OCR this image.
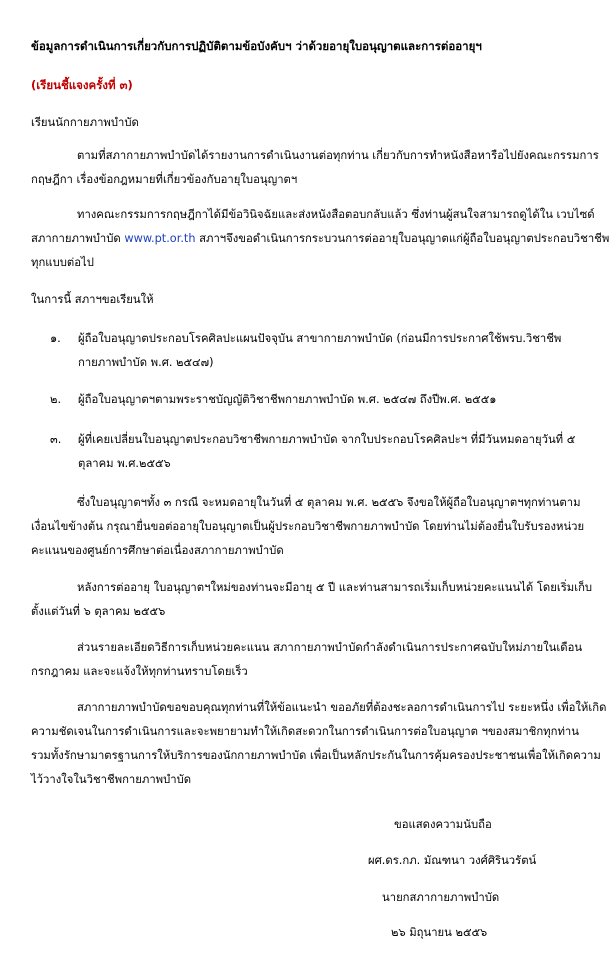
ข้อมูลการดำเนินการเกี่ยวกับการปฏิบัติตามข้อบังคับฯ ว่าด้วยอายุใบอนุญาตและการต่ออายุฯ
(เรียนชี้แจงครั้งที่ ๓)
เรียนนักกายภาพบำบัด
ตามที่สภากายภาพบำบัดได้รายงานการดำเนินงานต่อทุกท่าน เกี่ยวกับการทำหนังสือหารือไปยังคณะกรรมการ
กฤษฎีกา เรื่องข้อกฎหมายที่เกี่ยวข้องกับอายุใบอนุญาตฯ
ทางคณะกรรมการกฤษฎีกาได้มีข้อวินิจฉัยและส่งหนังสือตอบกลับแล้ว ซึ่งท่านผู้สนใจสามารถดูได้ใน เวบไซด์
สภากายภาพบำบัด www.pt.or.th สภาฯจึงขอดำเนินการกระบวนการต่ออายุใบอนุญาตแก่ผู้ถือใบอนุญาตประกอบวิชาชีพ
ทุกแบบต่อไป
ในการนี้ สภาฯขอเรียนให้
๑. ผู้ถือใบอนุญาตประกอบโรคศิลปะแผนปัจจุบัน สาขากายภาพบำบัด (ก่อนมีการประกาศใช้พรบ.วิชาชีพ
กายภาพบำบัด พ.ศ. ๒๕๔๗)
๒. ผู้ถือใบอนุญาตฯตามพระราชบัญญัติวิชาชีพกายภาพบำบัด พ.ศ. ๒๕๔๗ ถึงปีพ.ศ. ๒๕๕๑
๓. ผู้ที่เคยเปลี่ยนใบอนุญาตประกอบวิชาชีพกายภาพบำบัด จากใบประกอบโรคศิลปะฯ ที่มีวันหมดอายุวันที่ ๕
ตุลาคม พ.ศ.๒๕๕๖
ซึ่งใบอนุญาตฯทั้ง ๓ กรณี จะหมดอายุในวันที่ ๕ ตุลาคม พ.ศ. ๒๕๕๖ จึงขอให้ผู้ถือใบอนุญาตฯทุกท่านตาม
เงื่อนไขข้างต้น กรุณายื่นขอต่ออายุใบอนุญาตเป็นผู้ประกอบวิชาชีพกายภาพบำบัด โดยท่านไม่ต้องยื่นใบรับรองหน่วย
คะแนนของศูนย์การศึกษาต่อเนื่องสภากายภาพบำบัด
หลังการต่ออายุ ใบอนุญาตฯใหม่ของท่านจะมีอายุ ๕ ปี และท่านสามารถเริ่มเก็บหน่วยคะแนนได้ โดยเริ่มเก็บ
ตั้งแต่วันที่ ๖ ตุลาคม ๒๕๕๖
ส่วนรายละเอียดวิธีการเก็บหน่วยคะแนน สภากายภาพบำบัดกำลังดำเนินการประกาศฉบับใหม่ภายในเดือน
กรกฎาคม และจะแจ้งให้ทุกท่านทราบโดยเร็ว
สภากายภาพบำบัดขอขอบคุณทุกท่านที่ให้ข้อแนะนำ ขออภัยที่ต้องชะลอการดำเนินการไป ระยะหนึ่ง เพื่อให้เกิด
ความชัดเจนในการดำเนินการและจะพยายามทำให้เกิดสะดวกในการดำเนินการต่อใบอนุญาต ฯของสมาชิกทุกท่าน
รวมทั้งรักษามาตรฐานการให้บริการของนักกายภาพบำบัด เพื่อเป็นหลักประกันในการคุ้มครองประชาชนเพื่อให้เกิดความ
ไว้วางใจในวิชาชีพกายภาพบำบัด
ขอแสดงความนับถือ
ผศ.ดร.กภ. มัณฑนา วงศ์ศิรินวรัตน์
นายกสภากายภาพบำบัด
๒๖ มิถุนายน ๒๕๕๖
